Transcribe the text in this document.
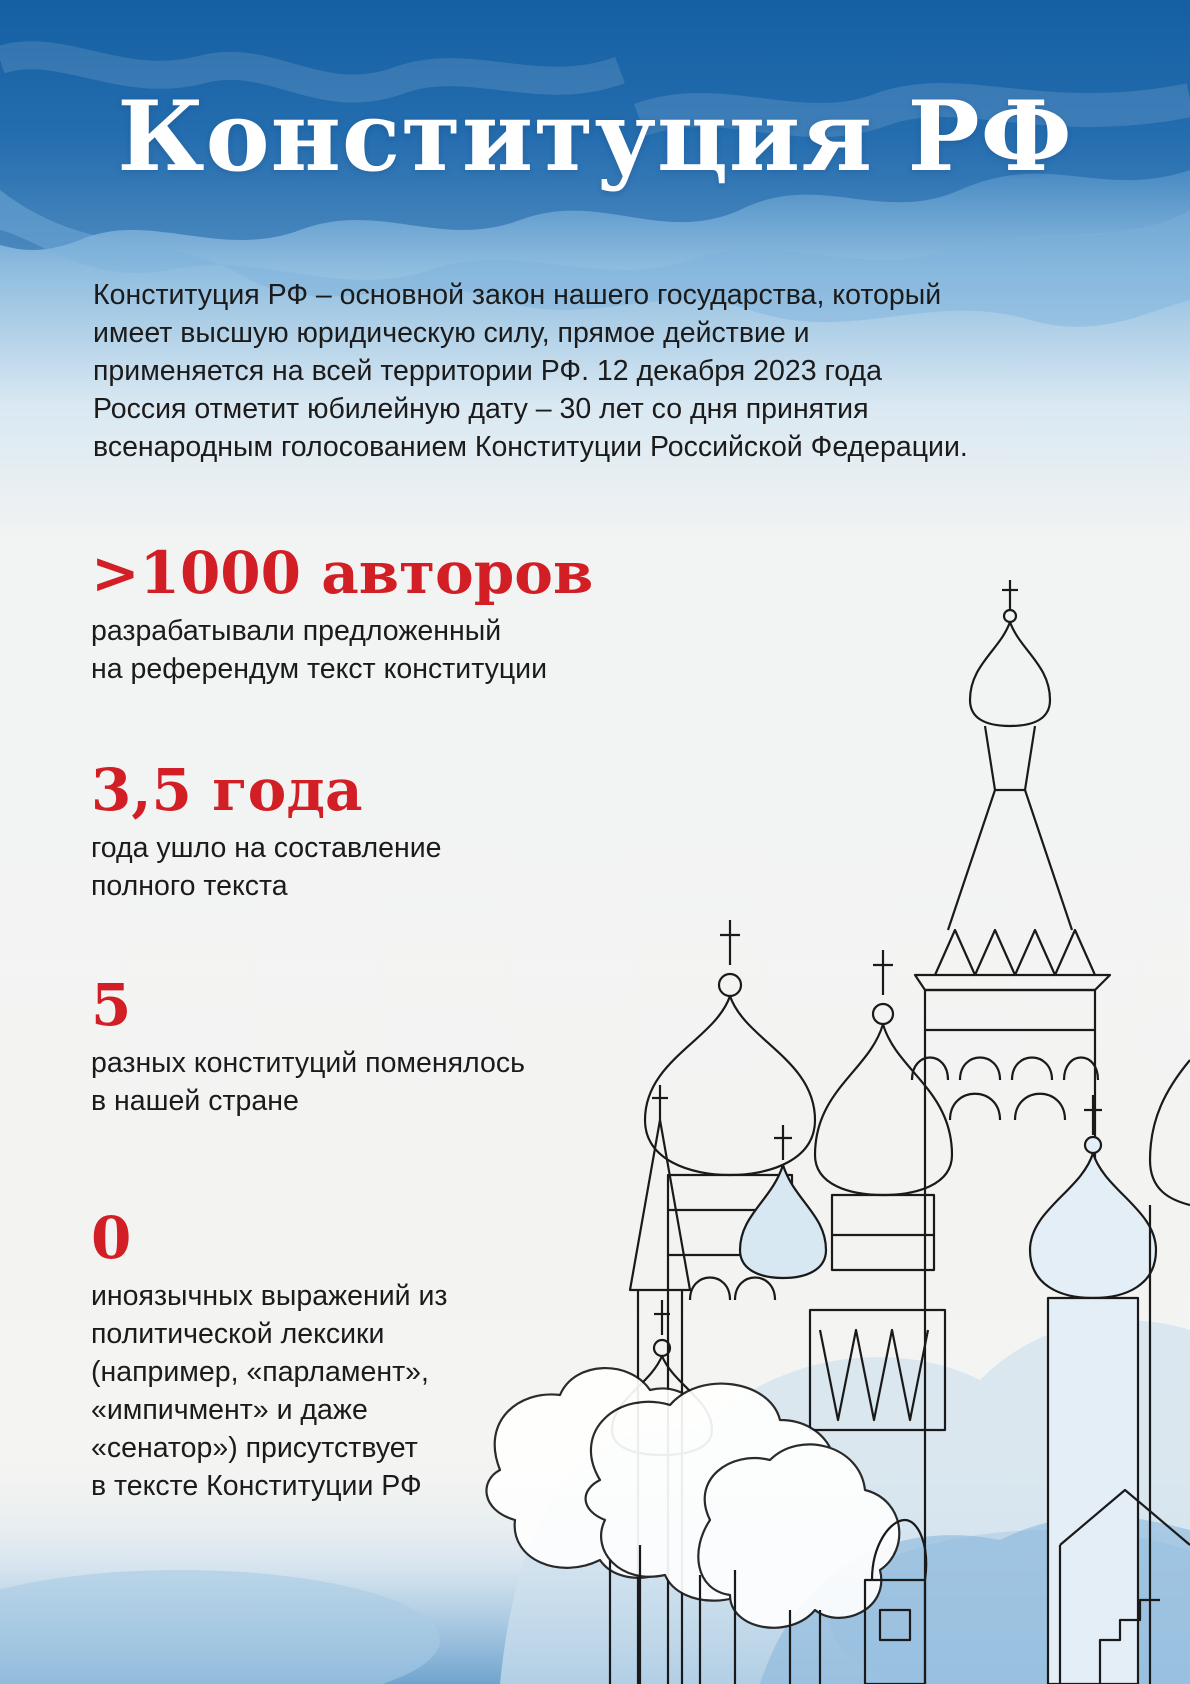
Конституция РФ

Конституция РФ – основной закон нашего государства, который
имеет высшую юридическую силу, прямое действие и
применяется на всей территории РФ. 12 декабря 2023 года
Россия отметит юбилейную дату – 30 лет со дня принятия
всенародным голосованием Конституции Российской Федерации.

>1000 авторов

разрабатывали предложенный
на референдум текст конституции

3,5 года

года ушло на составление
полного текста

5

разных конституций поменялось
в нашей стране

0

иноязычных выражений из
политической лексики
(например, «парламент»,
«импичмент» и даже
«сенатор») присутствует
в тексте Конституции РФ
